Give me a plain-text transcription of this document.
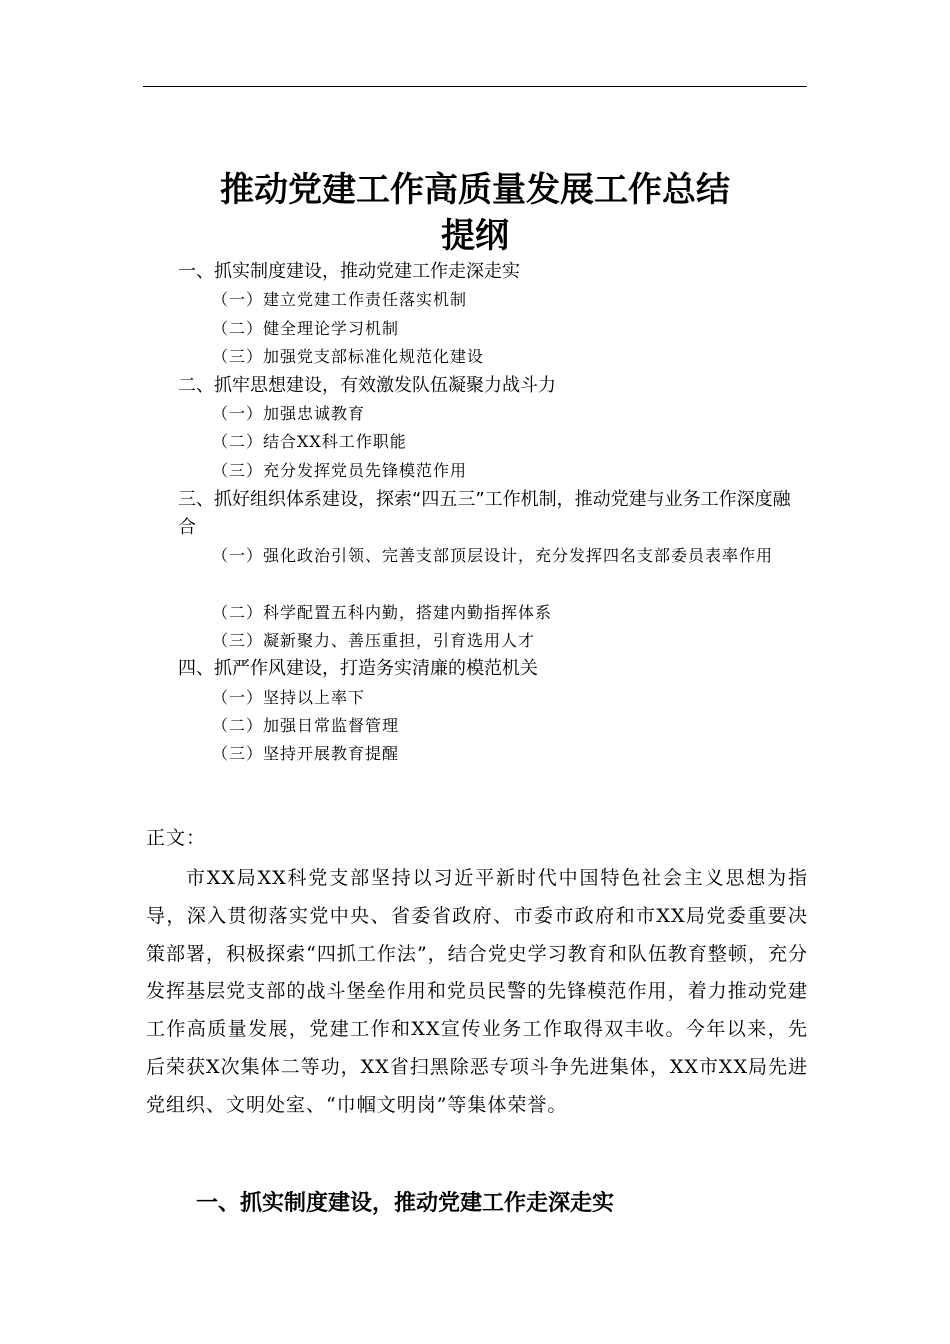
推动党建工作高质量发展工作总结
提纲

一、抓实制度建设，推动党建工作走深走实

（一）建立党建工作责任落实机制

（二）健全理论学习机制

（三）加强党支部标准化规范化建设

二、抓牢思想建设，有效激发队伍凝聚力战斗力

（一）加强忠诚教育

（二）结合XX科工作职能

（三）充分发挥党员先锋模范作用

三、抓好组织体系建设，探索“四五三”工作机制，推动党建与业务工作深度融合

（一）强化政治引领、完善支部顶层设计，充分发挥四名支部委员表率作用

（二）科学配置五科内勤，搭建内勤指挥体系

（三）凝新聚力、善压重担，引育选用人才

四、抓严作风建设，打造务实清廉的模范机关

（一）坚持以上率下

（二）加强日常监督管理

（三）坚持开展教育提醒

正文：

市XX局XX科党支部坚持以习近平新时代中国特色社会主义思想为指导，深入贯彻落实党中央、省委省政府、市委市政府和市XX局党委重要决策部署，积极探索“四抓工作法”，结合党史学习教育和队伍教育整顿，充分发挥基层党支部的战斗堡垒作用和党员民警的先锋模范作用，着力推动党建工作高质量发展，党建工作和XX宣传业务工作取得双丰收。今年以来，先后荣获X次集体二等功，XX省扫黑除恶专项斗争先进集体，XX市XX局先进党组织、文明处室、“巾帼文明岗”等集体荣誉。

一、抓实制度建设，推动党建工作走深走实
